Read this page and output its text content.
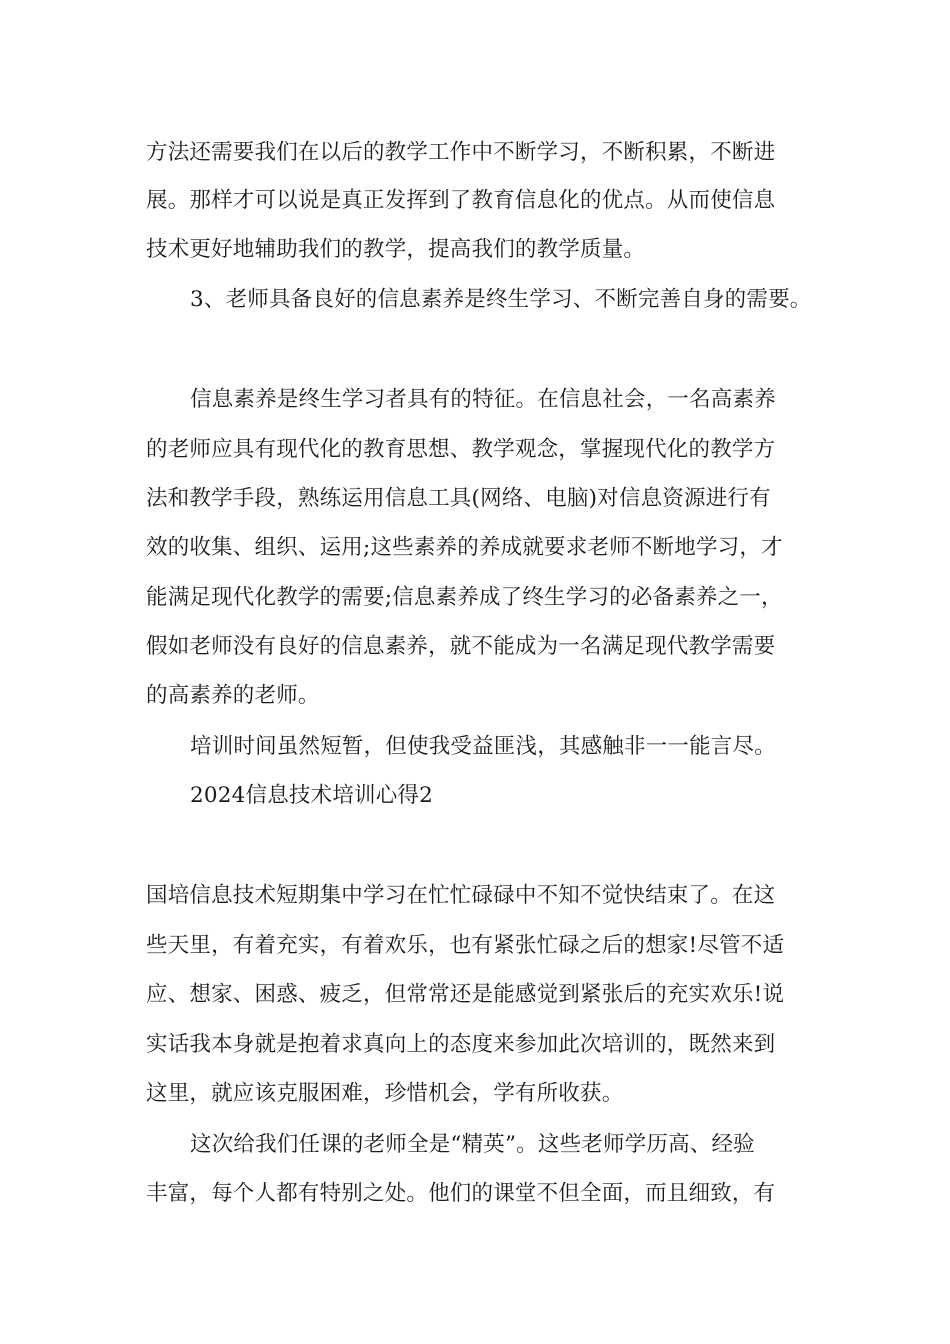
方法还需要我们在以后的教学工作中不断学习，不断积累，不断进
展。那样才可以说是真正发挥到了教育信息化的优点。从而使信息
技术更好地辅助我们的教学，提高我们的教学质量。
3、老师具备良好的信息素养是终生学习、不断完善自身的需要。
信息素养是终生学习者具有的特征。在信息社会，一名高素养
的老师应具有现代化的教育思想、教学观念，掌握现代化的教学方
法和教学手段，熟练运用信息工具(网络、电脑)对信息资源进行有
效的收集、组织、运用;这些素养的养成就要求老师不断地学习，才
能满足现代化教学的需要;信息素养成了终生学习的必备素养之一，
假如老师没有良好的信息素养，就不能成为一名满足现代教学需要
的高素养的老师。
培训时间虽然短暂，但使我受益匪浅，其感触非一一能言尽。
2024信息技术培训心得2
国培信息技术短期集中学习在忙忙碌碌中不知不觉快结束了。在这
些天里，有着充实，有着欢乐，也有紧张忙碌之后的想家!尽管不适
应、想家、困惑、疲乏，但常常还是能感觉到紧张后的充实欢乐!说
实话我本身就是抱着求真向上的态度来参加此次培训的，既然来到
这里，就应该克服困难，珍惜机会，学有所收获。
这次给我们任课的老师全是“精英”。这些老师学历高、经验
丰富，每个人都有特别之处。他们的课堂不但全面，而且细致，有
